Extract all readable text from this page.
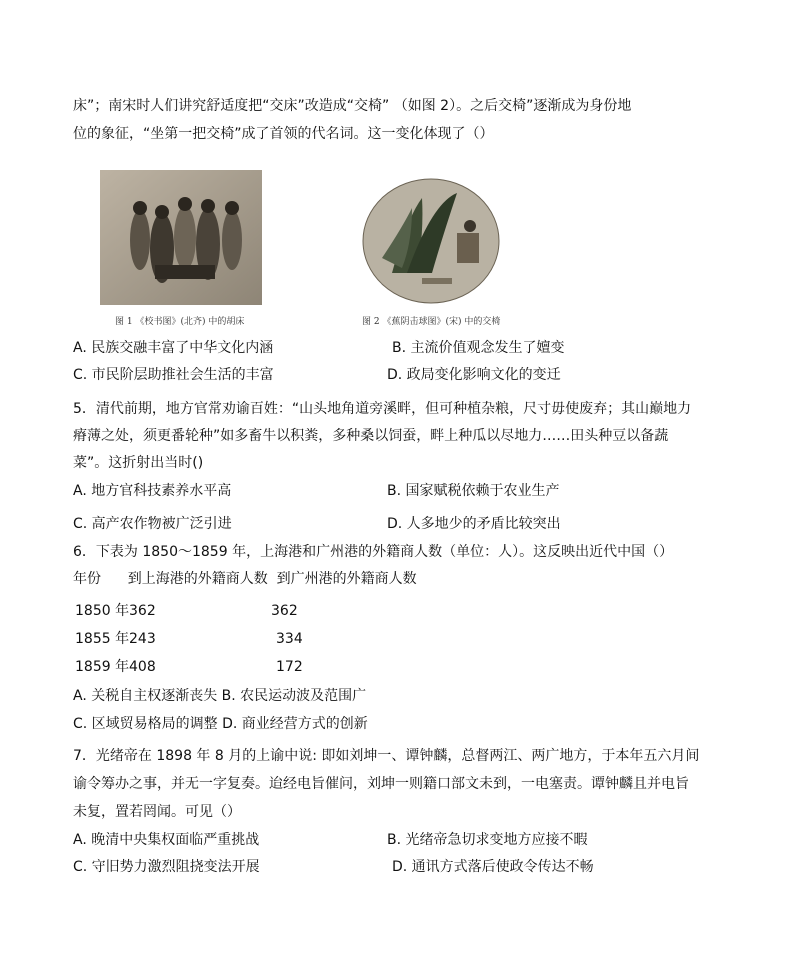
床”；南宋时人们讲究舒适度把“交床”改造成“交椅” （如图 2）。之后交椅”逐渐成为身份地
位的象征，“坐第一把交椅”成了首领的代名词。这一变化体现了（）
图 1 《校书图》(北齐) 中的胡床	图 2 《蕉阴击球图》(宋) 中的交椅
A. 民族交融丰富了中华文化内涵	B. 主流价值观念发生了嬗变
C. 市民阶层助推社会生活的丰富	D. 政局变化影响文化的变迁
5．清代前期，地方官常劝谕百姓：“山头地角道旁溪畔，但可种植杂粮，尺寸毋使废弃；其山巅地力
瘠薄之处，须更番轮种”如多畜牛以积粪，多种桑以饲蚕，畔上种瓜以尽地力……田头种豆以备蔬
菜”。这折射出当时()
A. 地方官科技素养水平高	B. 国家赋税依赖于农业生产
C. 高产农作物被广泛引进	D. 人多地少的矛盾比较突出
6．下表为 1850～1859 年，上海港和广州港的外籍商人数（单位：人）。这反映出近代中国（）
年份      到上海港的外籍商人数  到广州港的外籍商人数
1850 年362	362
1855 年243	334
1859 年408	172
A. 关税自主权逐渐丧失 B. 农民运动波及范围广
C. 区域贸易格局的调整 D. 商业经营方式的创新
7．光绪帝在 1898 年 8 月的上谕中说: 即如刘坤一、谭钟麟，总督两江、两广地方，于本年五六月间
谕令筹办之事，并无一字复奏。迨经电旨催问，刘坤一则籍口部文未到，一电塞责。谭钟麟且并电旨
未复，置若罔闻。可见（）
A. 晚清中央集权面临严重挑战	B. 光绪帝急切求变地方应接不暇
C. 守旧势力激烈阻挠变法开展	D. 通讯方式落后使政令传达不畅
